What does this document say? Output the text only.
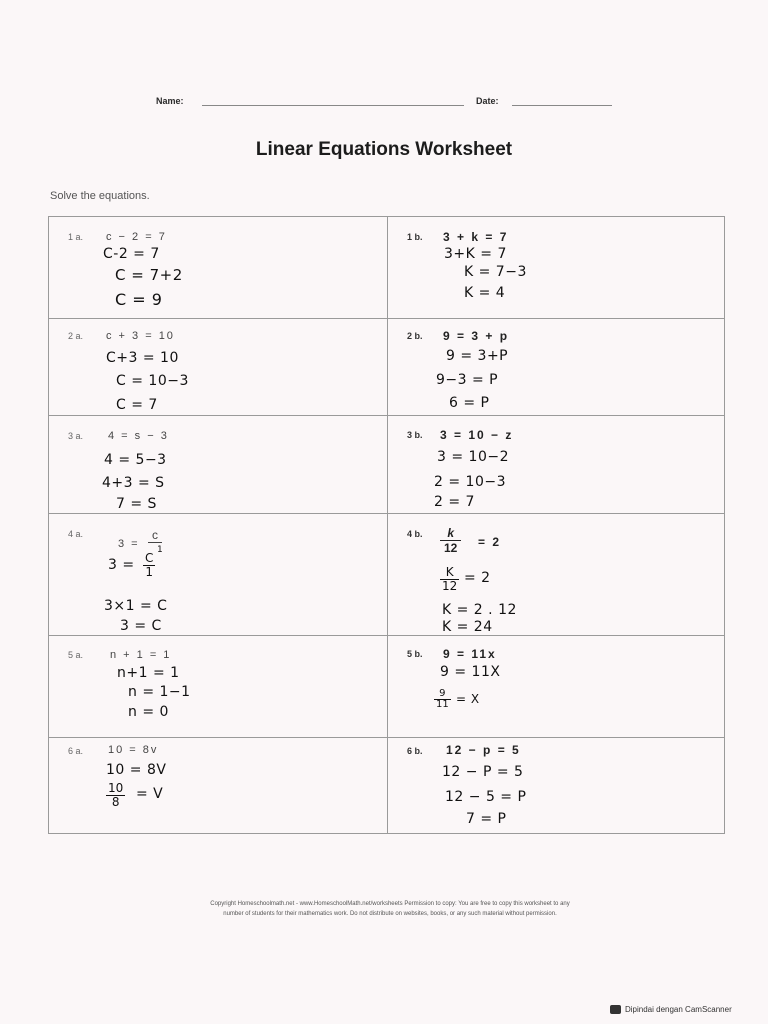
Name:	Date:
Linear Equations Worksheet
Solve the equations.
1 a. c − 2 = 7
C-2 = 7
C = 7+2
C = 9
1 b. 3 + k = 7
3+K = 7
K = 7−3
K = 4
2 a. c + 3 = 10
C+3 = 10
C = 10−3
C = 7
2 b. 9 = 3 + p
9 = 3+P
9−3 = P
6 = P
3 a. 4 = s − 3
4 = 5−3
4+3 = S
7 = S
3 b. 3 = 10 − z
3 = 10−2
2 = 10−3
2 = 7
4 a.
3 =
c
$3 = \frac{C}{1}$
1
3×1 = C
3 = C
4 b. $\frac{k}{12} = 2$
$\frac{K}{12} = 2$
K = 2 . 12
K = 24
5 a. n + 1 = 1
n+1 = 1
n = 1−1
n = 0
5 b. 9 = 11x
9 = 11X
$\frac{9}{11} = X$
6 a. 10 = 8v
10 = 8V
$\frac{10}{8} = V$
6 b. 12 − p = 5
12 − P = 5
12 − 5 = P
7 = P
Copyright Homeschoolmath.net - www.HomeschoolMath.net/worksheets Permission to copy: You are free to copy this worksheet to any
number of students for their mathematics work. Do not distribute on websites, books, or any such material without permission.
Dipindai dengan CamScanner
